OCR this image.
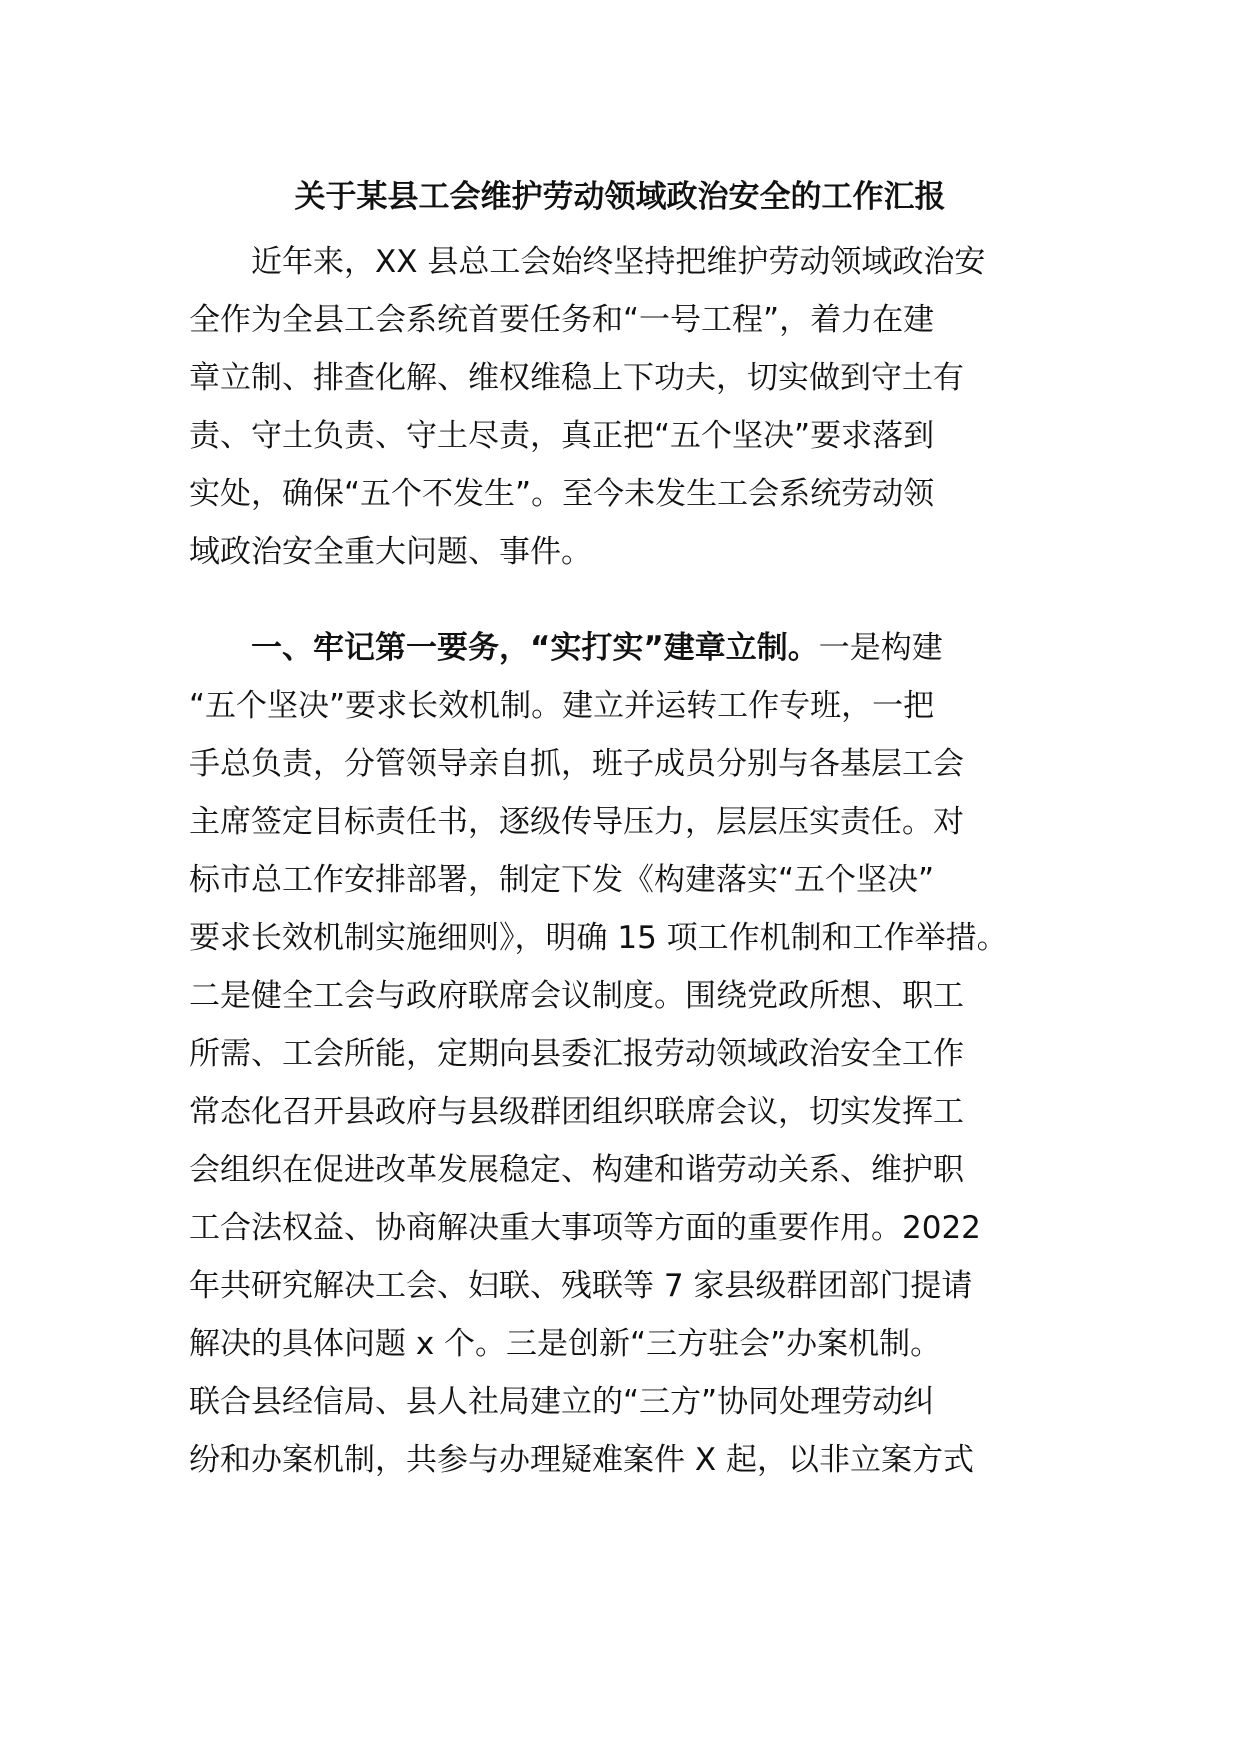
关于某县工会维护劳动领域政治安全的工作汇报
近年来，XX 县总工会始终坚持把维护劳动领域政治安
全作为全县工会系统首要任务和“一号工程”，着力在建
章立制、排查化解、维权维稳上下功夫，切实做到守土有
责、守土负责、守土尽责，真正把“五个坚决”要求落到
实处，确保“五个不发生”。至今未发生工会系统劳动领
域政治安全重大问题、事件。
一、牢记第一要务，“实打实”建章立制。一是构建
“五个坚决”要求长效机制。建立并运转工作专班，一把
手总负责，分管领导亲自抓，班子成员分别与各基层工会
主席签定目标责任书，逐级传导压力，层层压实责任。对
标市总工作安排部署，制定下发《构建落实“五个坚决”
要求长效机制实施细则》，明确 15 项工作机制和工作举措。
二是健全工会与政府联席会议制度。围绕党政所想、职工
所需、工会所能，定期向县委汇报劳动领域政治安全工作
常态化召开县政府与县级群团组织联席会议，切实发挥工
会组织在促进改革发展稳定、构建和谐劳动关系、维护职
工合法权益、协商解决重大事项等方面的重要作用。2022
年共研究解决工会、妇联、残联等 7 家县级群团部门提请
解决的具体问题 x 个。三是创新“三方驻会”办案机制。
联合县经信局、县人社局建立的“三方”协同处理劳动纠
纷和办案机制，共参与办理疑难案件 X 起，以非立案方式
